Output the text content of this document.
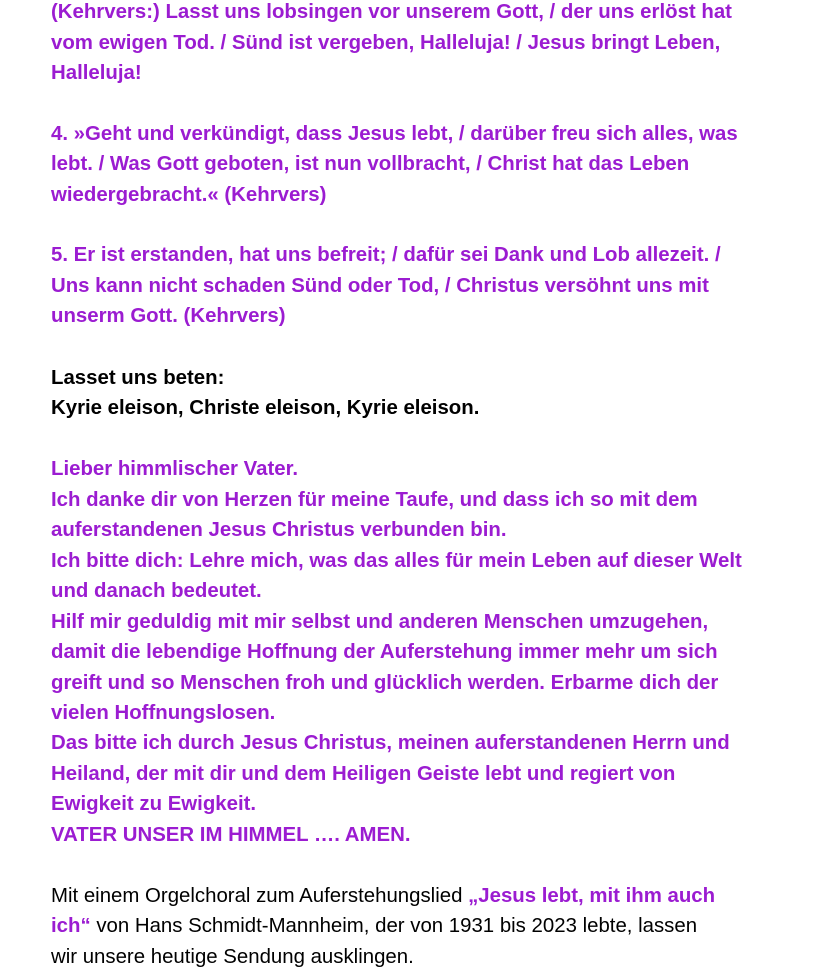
(Kehrvers:) Lasst uns lobsingen vor unserem Gott, / der uns erlöst hat

vom ewigen Tod. / Sünd ist vergeben, Halleluja! / Jesus bringt Leben,

Halleluja!

4. »Geht und verkündigt, dass Jesus lebt, / darüber freu sich alles, was

lebt. / Was Gott geboten, ist nun vollbracht, / Christ hat das Leben

wiedergebracht.« (Kehrvers)

5. Er ist erstanden, hat uns befreit; / dafür sei Dank und Lob allezeit. /

Uns kann nicht schaden Sünd oder Tod, / Christus versöhnt uns mit

unserm Gott. (Kehrvers)

Lasset uns beten:

Kyrie eleison, Christe eleison, Kyrie eleison.

Lieber himmlischer Vater.

Ich danke dir von Herzen für meine Taufe, und dass ich so mit dem

auferstandenen Jesus Christus verbunden bin.

Ich bitte dich: Lehre mich, was das alles für mein Leben auf dieser Welt

und danach bedeutet.

Hilf mir geduldig mit mir selbst und anderen Menschen umzugehen,

damit die lebendige Hoffnung der Auferstehung immer mehr um sich

greift und so Menschen froh und glücklich werden. Erbarme dich der

vielen Hoffnungslosen.

Das bitte ich durch Jesus Christus, meinen auferstandenen Herrn und

Heiland, der mit dir und dem Heiligen Geiste lebt und regiert von

Ewigkeit zu Ewigkeit.

VATER UNSER IM HIMMEL …. AMEN.

Mit einem Orgelchoral zum Auferstehungslied „Jesus lebt, mit ihm auch

ich“ von Hans Schmidt-Mannheim, der von 1931 bis 2023 lebte, lassen

wir unsere heutige Sendung ausklingen.
